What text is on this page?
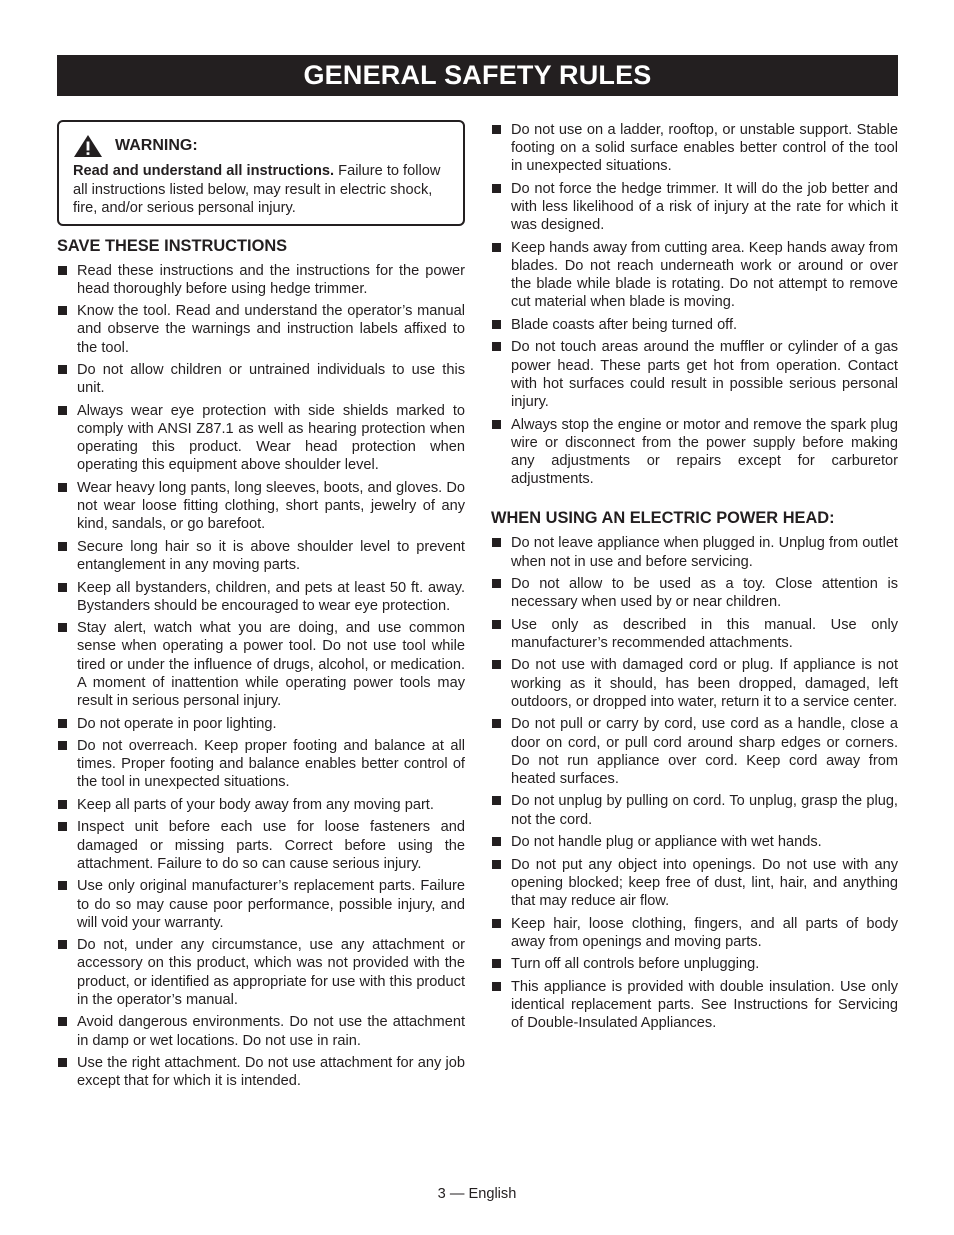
GENERAL SAFETY RULES
WARNING:
Read and understand all instructions. Failure to follow all instructions listed below, may result in electric shock, fire, and/or serious personal injury.
SAVE THESE INSTRUCTIONS
Read these instructions and the instructions for the power head thoroughly before using hedge trimmer.
Know the tool. Read and understand the operator’s manual and observe the warnings and instruction labels affixed to the tool.
Do not allow children or untrained individuals to use this unit.
Always wear eye protection with side shields marked to comply with ANSI Z87.1 as well as hearing protection when operating this product. Wear head protection when operating this equipment above shoulder level.
Wear heavy long pants, long sleeves, boots, and gloves. Do not wear loose fitting clothing, short pants, jewelry of any kind, sandals, or go barefoot.
Secure long hair so it is above shoulder level to prevent entanglement in any moving parts.
Keep all bystanders, children, and pets at least 50 ft. away. Bystanders should be encouraged to wear eye protection.
Stay alert, watch what you are doing, and use common sense when operating a power tool. Do not use tool while tired or under the influence of drugs, alcohol, or medication. A moment of inattention while operating power tools may result in serious personal injury.
Do not operate in poor lighting.
Do not overreach. Keep proper footing and balance at all times. Proper footing and balance enables better control of the tool in unexpected situations.
Keep all parts of your body away from any moving part.
Inspect unit before each use for loose fasteners and damaged or missing parts. Correct before using the attachment. Failure to do so can cause serious injury.
Use only original manufacturer’s replacement parts. Failure to do so may cause poor performance, possible injury, and will void your warranty.
Do not, under any circumstance, use any attachment or accessory on this product, which was not provided with the product, or identified as appropriate for use with this product in the operator’s manual.
Avoid dangerous environments. Do not use the attachment in damp or wet locations. Do not use in rain.
Use the right attachment. Do not use attachment for any job except that for which it is intended.
Do not use on a ladder, rooftop, or unstable support. Stable footing on a solid surface enables better control of the tool in unexpected situations.
Do not force the hedge trimmer. It will do the job better and with less likelihood of a risk of injury at the rate for which it was designed.
Keep hands away from cutting area. Keep hands away from blades. Do not reach underneath work or around or over the blade while blade is rotating. Do not attempt to remove cut material when blade is moving.
Blade coasts after being turned off.
Do not touch areas around the muffler or cylinder of a gas power head. These parts get hot from operation. Contact with hot surfaces could result in possible serious personal injury.
Always stop the engine or motor and remove the spark plug wire or disconnect from the power supply before making any adjustments or repairs except for carburetor adjustments.
WHEN USING AN ELECTRIC POWER HEAD:
Do not leave appliance when plugged in. Unplug from outlet when not in use and before servicing.
Do not allow to be used as a toy. Close attention is necessary when used by or near children.
Use only as described in this manual. Use only manufacturer’s recommended attachments.
Do not use with damaged cord or plug. If appliance is not working as it should, has been dropped, damaged, left outdoors, or dropped into water, return it to a service center.
Do not pull or carry by cord, use cord as a handle, close a door on cord, or pull cord around sharp edges or corners. Do not run appliance over cord. Keep cord away from heated surfaces.
Do not unplug by pulling on cord. To unplug, grasp the plug, not the cord.
Do not handle plug or appliance with wet hands.
Do not put any object into openings. Do not use with any opening blocked; keep free of dust, lint, hair, and anything that may reduce air flow.
Keep hair, loose clothing, fingers, and all parts of body away from openings and moving parts.
Turn off all controls before unplugging.
This appliance is provided with double insulation. Use only identical replacement parts. See Instructions for Servicing of Double-Insulated Appliances.
3 — English
